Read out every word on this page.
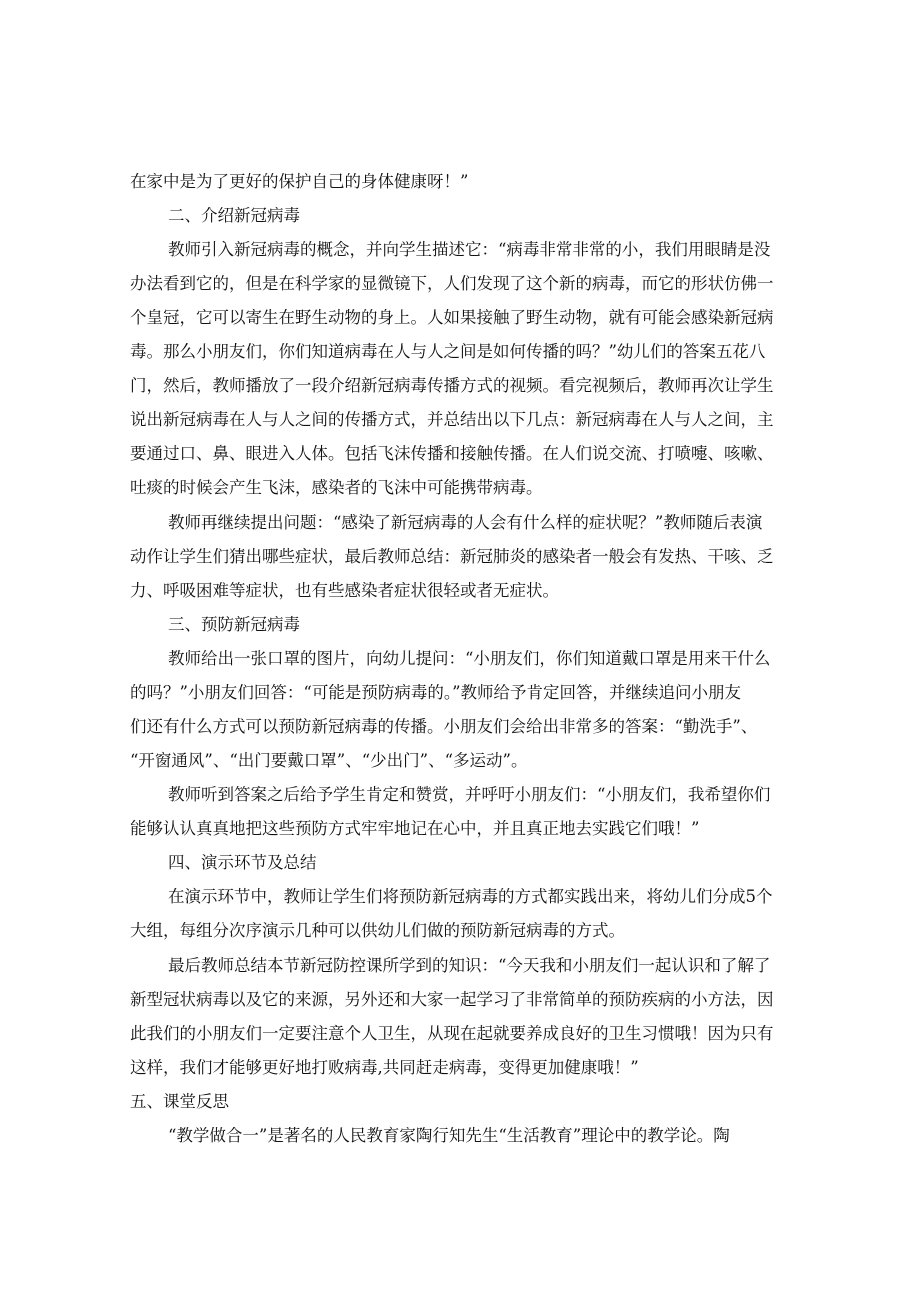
在家中是为了更好的保护自己的身体健康呀！”
二、介绍新冠病毒
教师引入新冠病毒的概念，并向学生描述它：“病毒非常非常的小，我们用眼睛是没
办法看到它的，但是在科学家的显微镜下，人们发现了这个新的病毒，而它的形状仿佛一
个皇冠，它可以寄生在野生动物的身上。人如果接触了野生动物，就有可能会感染新冠病
毒。那么小朋友们，你们知道病毒在人与人之间是如何传播的吗？”幼儿们的答案五花八
门，然后，教师播放了一段介绍新冠病毒传播方式的视频。看完视频后，教师再次让学生
说出新冠病毒在人与人之间的传播方式，并总结出以下几点：新冠病毒在人与人之间，主
要通过口、鼻、眼进入人体。包括飞沫传播和接触传播。在人们说交流、打喷嚏、咳嗽、
吐痰的时候会产生飞沫，感染者的飞沫中可能携带病毒。
教师再继续提出问题：“感染了新冠病毒的人会有什么样的症状呢？”教师随后表演
动作让学生们猜出哪些症状，最后教师总结：新冠肺炎的感染者一般会有发热、干咳、乏
力、呼吸困难等症状，也有些感染者症状很轻或者无症状。
三、预防新冠病毒
教师给出一张口罩的图片，向幼儿提问：“小朋友们，你们知道戴口罩是用来干什么
的吗？”小朋友们回答：“可能是预防病毒的。”教师给予肯定回答，并继续追问小朋友
们还有什么方式可以预防新冠病毒的传播。小朋友们会给出非常多的答案：“勤洗手”、
“开窗通风”、“出门要戴口罩”、“少出门”、“多运动”。
教师听到答案之后给予学生肯定和赞赏，并呼吁小朋友们：“小朋友们，我希望你们
能够认认真真地把这些预防方式牢牢地记在心中，并且真正地去实践它们哦！”
四、演示环节及总结
在演示环节中，教师让学生们将预防新冠病毒的方式都实践出来，将幼儿们分成5个
大组，每组分次序演示几种可以供幼儿们做的预防新冠病毒的方式。
最后教师总结本节新冠防控课所学到的知识：“今天我和小朋友们一起认识和了解了
新型冠状病毒以及它的来源，另外还和大家一起学习了非常简单的预防疾病的小方法，因
此我们的小朋友们一定要注意个人卫生，从现在起就要养成良好的卫生习惯哦！因为只有
这样，我们才能够更好地打败病毒,共同赶走病毒，变得更加健康哦！”
五、课堂反思
“教学做合一”是著名的人民教育家陶行知先生“生活教育”理论中的教学论。陶
